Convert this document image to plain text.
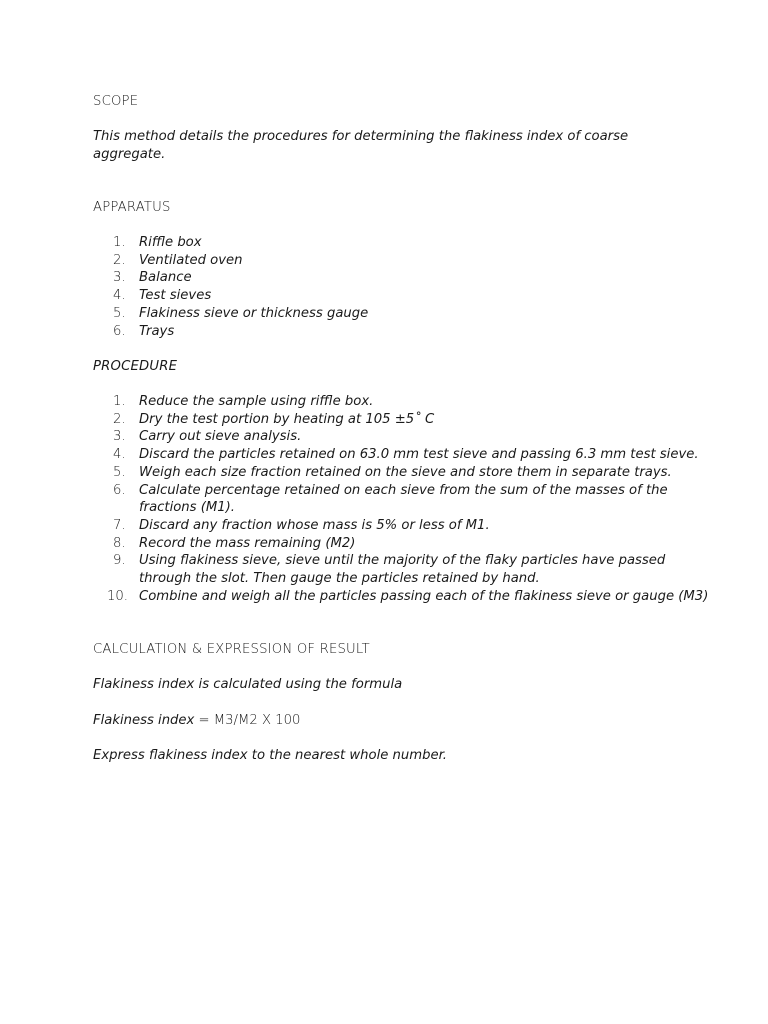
SCOPE
This method details the procedures for determining the flakiness index of coarse aggregate.
APPARATUS
1.	Riffle box
2.	Ventilated oven
3.	Balance
4.	Test sieves
5.	Flakiness sieve or thickness gauge
6.	Trays
PROCEDURE
1.	Reduce the sample using riffle box.
2.	Dry the test portion by heating at 105 ±5˚ C
3.	Carry out sieve analysis.
4.	Discard the particles retained on 63.0 mm test sieve and passing 6.3 mm test sieve.
5.	Weigh each size fraction retained on the sieve and store them in separate trays.
6.	Calculate percentage retained on each sieve from the sum of the masses of the fractions (M1).
7.	Discard any fraction whose mass is 5% or less of M1.
8.	Record the mass remaining (M2)
9.	Using flakiness sieve, sieve until the majority of the flaky particles have passed through the slot. Then gauge the particles retained by hand.
10. Combine and weigh all the particles passing each of the flakiness sieve or gauge (M3)
CALCULATION & EXPRESSION OF RESULT
Flakiness index is calculated using the formula
Flakiness index = M3/M2 X 100
Express flakiness index to the nearest whole number.
